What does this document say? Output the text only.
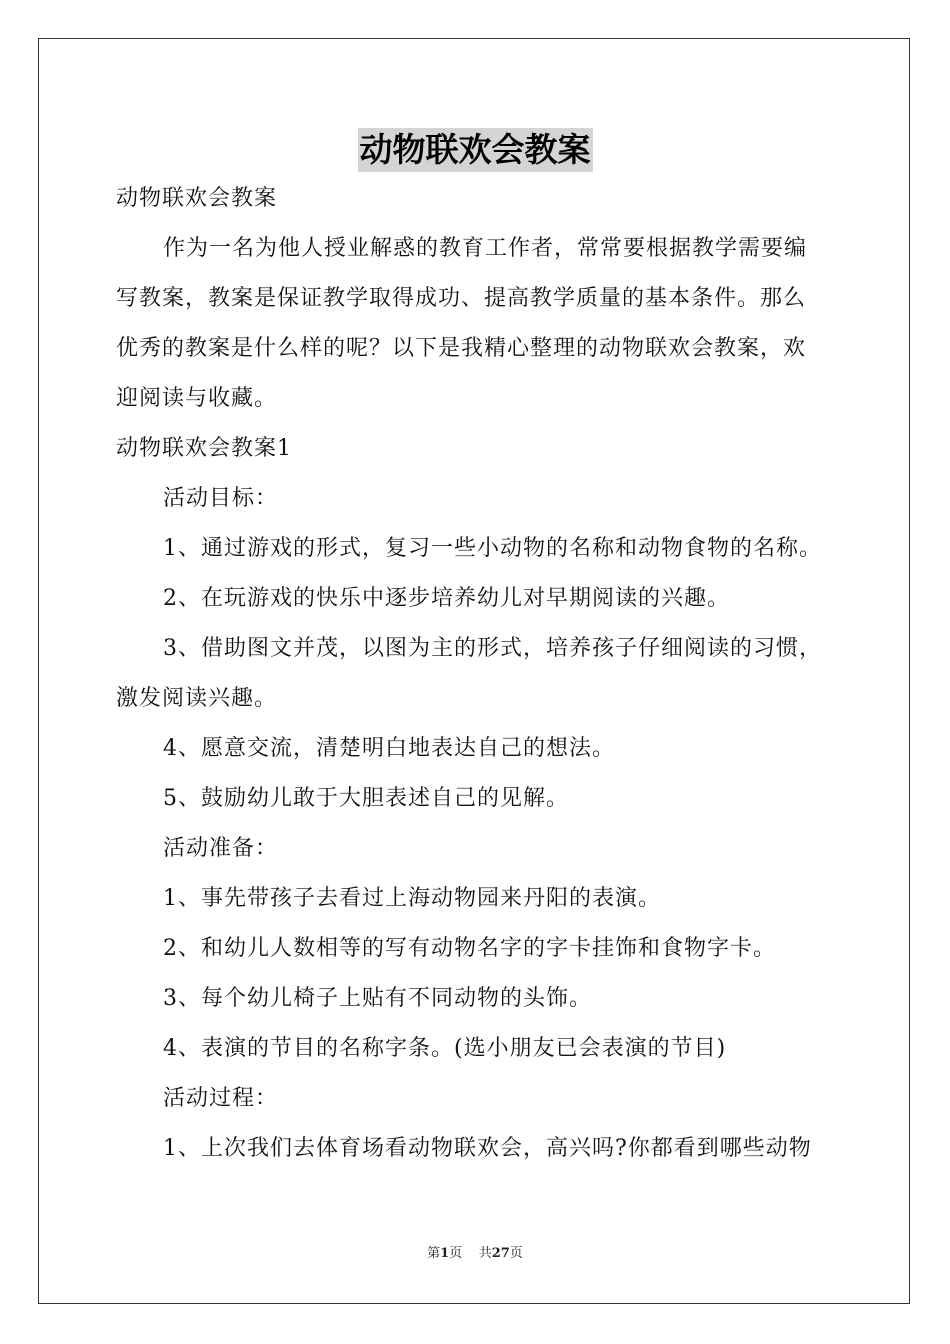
动物联欢会教案
动物联欢会教案
作为一名为他人授业解惑的教育工作者，常常要根据教学需要编
写教案，教案是保证教学取得成功、提高教学质量的基本条件。那么
优秀的教案是什么样的呢？以下是我精心整理的动物联欢会教案，欢
迎阅读与收藏。
动物联欢会教案1
活动目标：
1、通过游戏的形式，复习一些小动物的名称和动物食物的名称。
2、在玩游戏的快乐中逐步培养幼儿对早期阅读的兴趣。
3、借助图文并茂，以图为主的形式，培养孩子仔细阅读的习惯，
激发阅读兴趣。
4、愿意交流，清楚明白地表达自己的想法。
5、鼓励幼儿敢于大胆表述自己的见解。
活动准备：
1、事先带孩子去看过上海动物园来丹阳的表演。
2、和幼儿人数相等的写有动物名字的字卡挂饰和食物字卡。
3、每个幼儿椅子上贴有不同动物的头饰。
4、表演的节目的名称字条。(选小朋友已会表演的节目)
活动过程：
1、上次我们去体育场看动物联欢会，高兴吗?你都看到哪些动物
第1页 共27页
